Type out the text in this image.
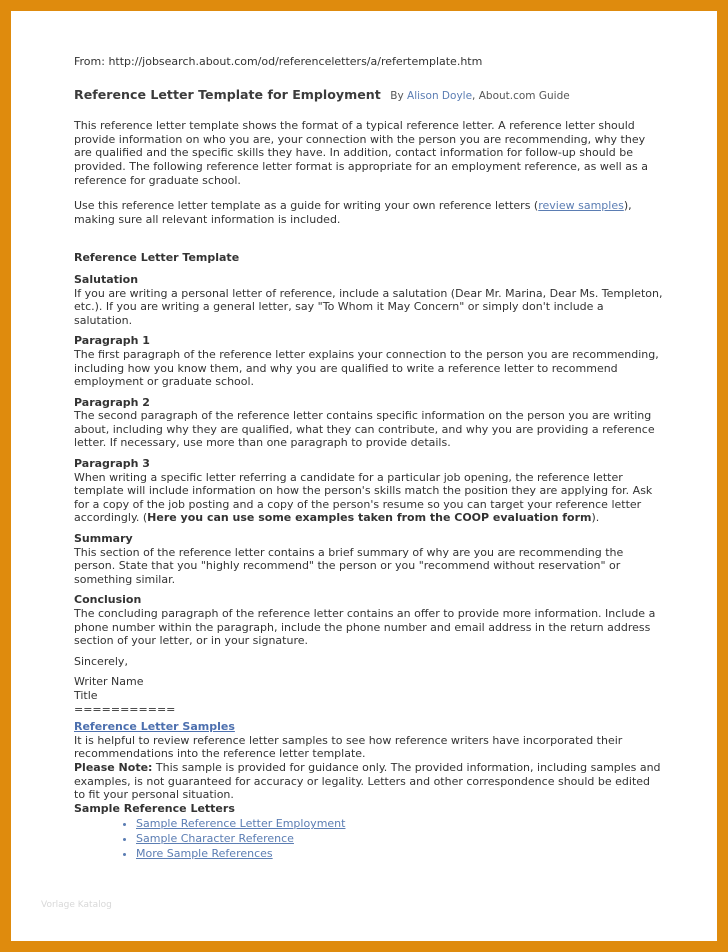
From: http://jobsearch.about.com/od/referenceletters/a/refertemplate.htm

Reference Letter Template for Employment By Alison Doyle, About.com Guide

This reference letter template shows the format of a typical reference letter. A reference letter should provide information on who you are, your connection with the person you are recommending, why they are qualified and the specific skills they have. In addition, contact information for follow-up should be provided. The following reference letter format is appropriate for an employment reference, as well as a reference for graduate school.

Use this reference letter template as a guide for writing your own reference letters (review samples), making sure all relevant information is included.

Reference Letter Template

Salutation

If you are writing a personal letter of reference, include a salutation (Dear Mr. Marina, Dear Ms. Templeton, etc.). If you are writing a general letter, say "To Whom it May Concern" or simply don't include a salutation.

Paragraph 1

The first paragraph of the reference letter explains your connection to the person you are recommending, including how you know them, and why you are qualified to write a reference letter to recommend employment or graduate school.

Paragraph 2

The second paragraph of the reference letter contains specific information on the person you are writing about, including why they are qualified, what they can contribute, and why you are providing a reference letter. If necessary, use more than one paragraph to provide details.

Paragraph 3

When writing a specific letter referring a candidate for a particular job opening, the reference letter template will include information on how the person's skills match the position they are applying for. Ask for a copy of the job posting and a copy of the person's resume so you can target your reference letter accordingly. (Here you can use some examples taken from the COOP evaluation form).

Summary

This section of the reference letter contains a brief summary of why are you are recommending the person. State that you "highly recommend" the person or you "recommend without reservation" or something similar.

Conclusion

The concluding paragraph of the reference letter contains an offer to provide more information. Include a phone number within the paragraph, include the phone number and email address in the return address section of your letter, or in your signature.

Sincerely,

Writer Name

Title

===========

Reference Letter Samples

It is helpful to review reference letter samples to see how reference writers have incorporated their recommendations into the reference letter template.

Please Note: This sample is provided for guidance only. The provided information, including samples and examples, is not guaranteed for accuracy or legality. Letters and other correspondence should be edited to fit your personal situation.

Sample Reference Letters

• Sample Reference Letter Employment
• Sample Character Reference
• More Sample References
Vorlage Katalog
